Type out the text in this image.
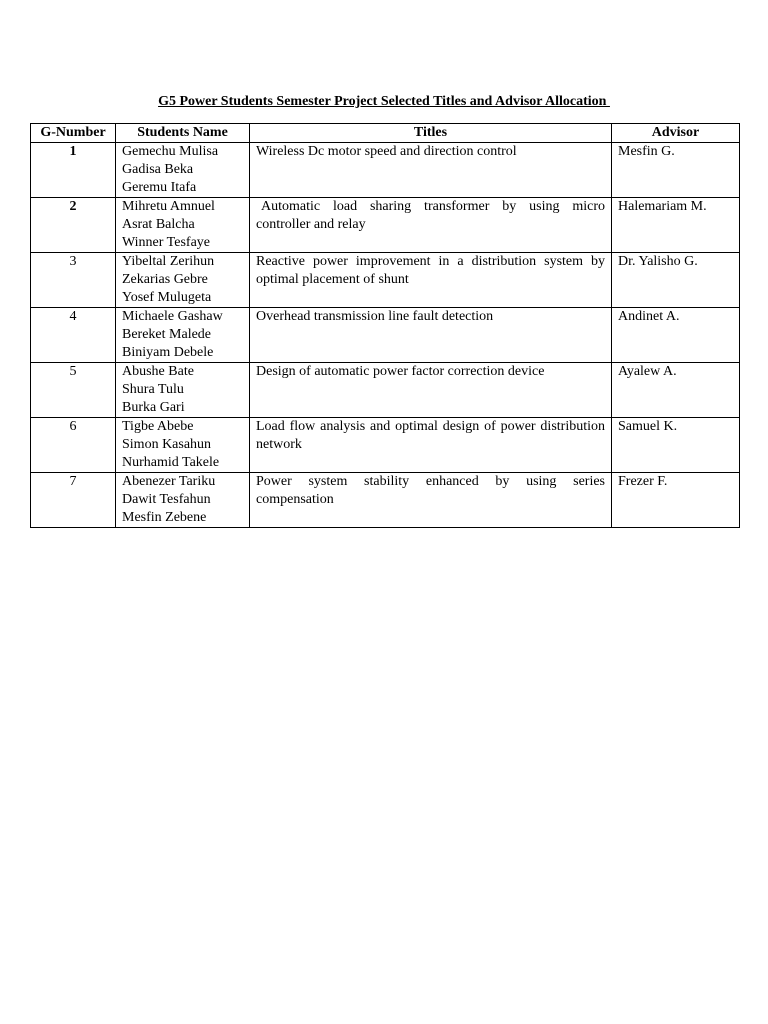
G5 Power Students Semester Project Selected Titles and Advisor Allocation
G-Number	Students Name	Titles	Advisor
1	Gemechu Mulisa
Gadisa Beka
Geremu Itafa	Wireless Dc motor speed and direction control	Mesfin G.
2	Mihretu Amnuel
Asrat Balcha
Winner Tesfaye	Automatic load sharing transformer by using micro controller and relay	Halemariam M.
3	Yibeltal Zerihun
Zekarias Gebre
Yosef Mulugeta	Reactive power improvement in a distribution system by optimal placement of shunt	Dr. Yalisho G.
4	Michaele Gashaw
Bereket Malede
Biniyam Debele	Overhead transmission line fault detection	Andinet A.
5	Abushe Bate
Shura Tulu
Burka Gari	Design of automatic power factor correction device	Ayalew A.
6	Tigbe Abebe
Simon Kasahun
Nurhamid Takele	Load flow analysis and optimal design of power distribution network	Samuel K.
7	Abenezer Tariku
Dawit Tesfahun
Mesfin Zebene	Power system stability enhanced by using series compensation	Frezer F.
